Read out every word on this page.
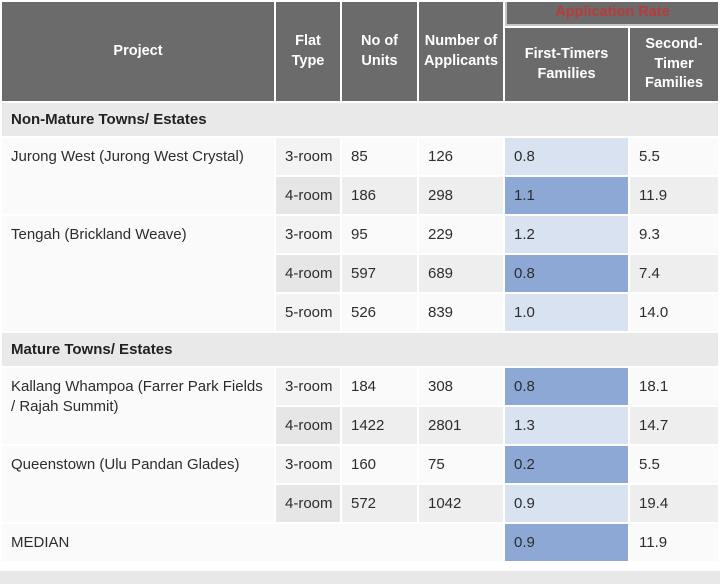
Project	Flat Type	No of Units	Number of Applicants	Application Rate	
				First-Timers Families	Second-Timer Families
Non-Mature Towns/ Estates					
Jurong West (Jurong West Crystal)	3-room	85	126	0.8	5.5
	4-room	186	298	1.1	11.9
Tengah (Brickland Weave)	3-room	95	229	1.2	9.3
	4-room	597	689	0.8	7.4
	5-room	526	839	1.0	14.0
Mature Towns/ Estates					
Kallang Whampoa (Farrer Park Fields / Rajah Summit)	3-room	184	308	0.8	18.1
	4-room	1422	2801	1.3	14.7
Queenstown (Ulu Pandan Glades)	3-room	160	75	0.2	5.5
	4-room	572	1042	0.9	19.4
MEDIAN				0.9	11.9
